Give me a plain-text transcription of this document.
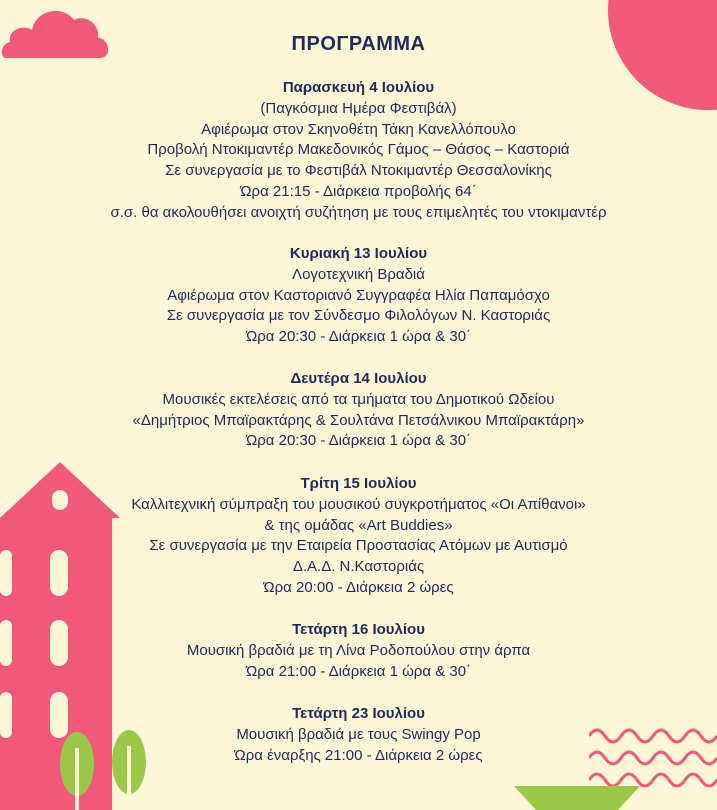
ΠΡΟΓΡΑΜΜΑ
Παρασκευή 4 Ιουλίου
(Παγκόσμια Ημέρα Φεστιβάλ)
Αφιέρωμα στον Σκηνοθέτη Τάκη Κανελλόπουλο
Προβολή Ντοκιμαντέρ Μακεδονικός Γάμος – Θάσος – Καστοριά
Σε συνεργασία με το Φεστιβάλ Ντοκιμαντέρ Θεσσαλονίκης
Ώρα 21:15 - Διάρκεια προβολής 64΄
σ.σ. θα ακολουθήσει ανοιχτή συζήτηση με τους επιμελητές του ντοκιμαντέρ
Κυριακή 13 Ιουλίου
Λογοτεχνική Βραδιά
Αφιέρωμα στον Καστοριανό Συγγραφέα Ηλία Παπαμόσχο
Σε συνεργασία με τον Σύνδεσμο Φιλολόγων Ν. Καστοριάς
Ώρα 20:30 - Διάρκεια 1 ώρα & 30΄
Δευτέρα 14 Ιουλίου
Μουσικές εκτελέσεις από τα τμήματα του Δημοτικού Ωδείου
«Δημήτριος Μπαϊρακτάρης & Σουλτάνα Πετσάλνικου Μπαϊρακτάρη»
Ώρα 20:30 - Διάρκεια 1 ώρα & 30΄
Τρίτη 15 Ιουλίου
Καλλιτεχνική σύμπραξη του μουσικού συγκροτήματος «Οι Απίθανοι»
& της ομάδας «Art Buddies»
Σε συνεργασία με την Εταιρεία Προστασίας Ατόμων με Αυτισμό
Δ.Α.Δ. Ν.Καστοριάς
Ώρα 20:00 - Διάρκεια 2 ώρες
Τετάρτη 16 Ιουλίου
Μουσική βραδιά με τη Λίνα Ροδοπούλου στην άρπα
Ώρα 21:00 - Διάρκεια 1 ώρα & 30΄
Τετάρτη 23 Ιουλίου
Μουσική βραδιά με τους Swingy Pop
Ώρα έναρξης 21:00 - Διάρκεια 2 ώρες
